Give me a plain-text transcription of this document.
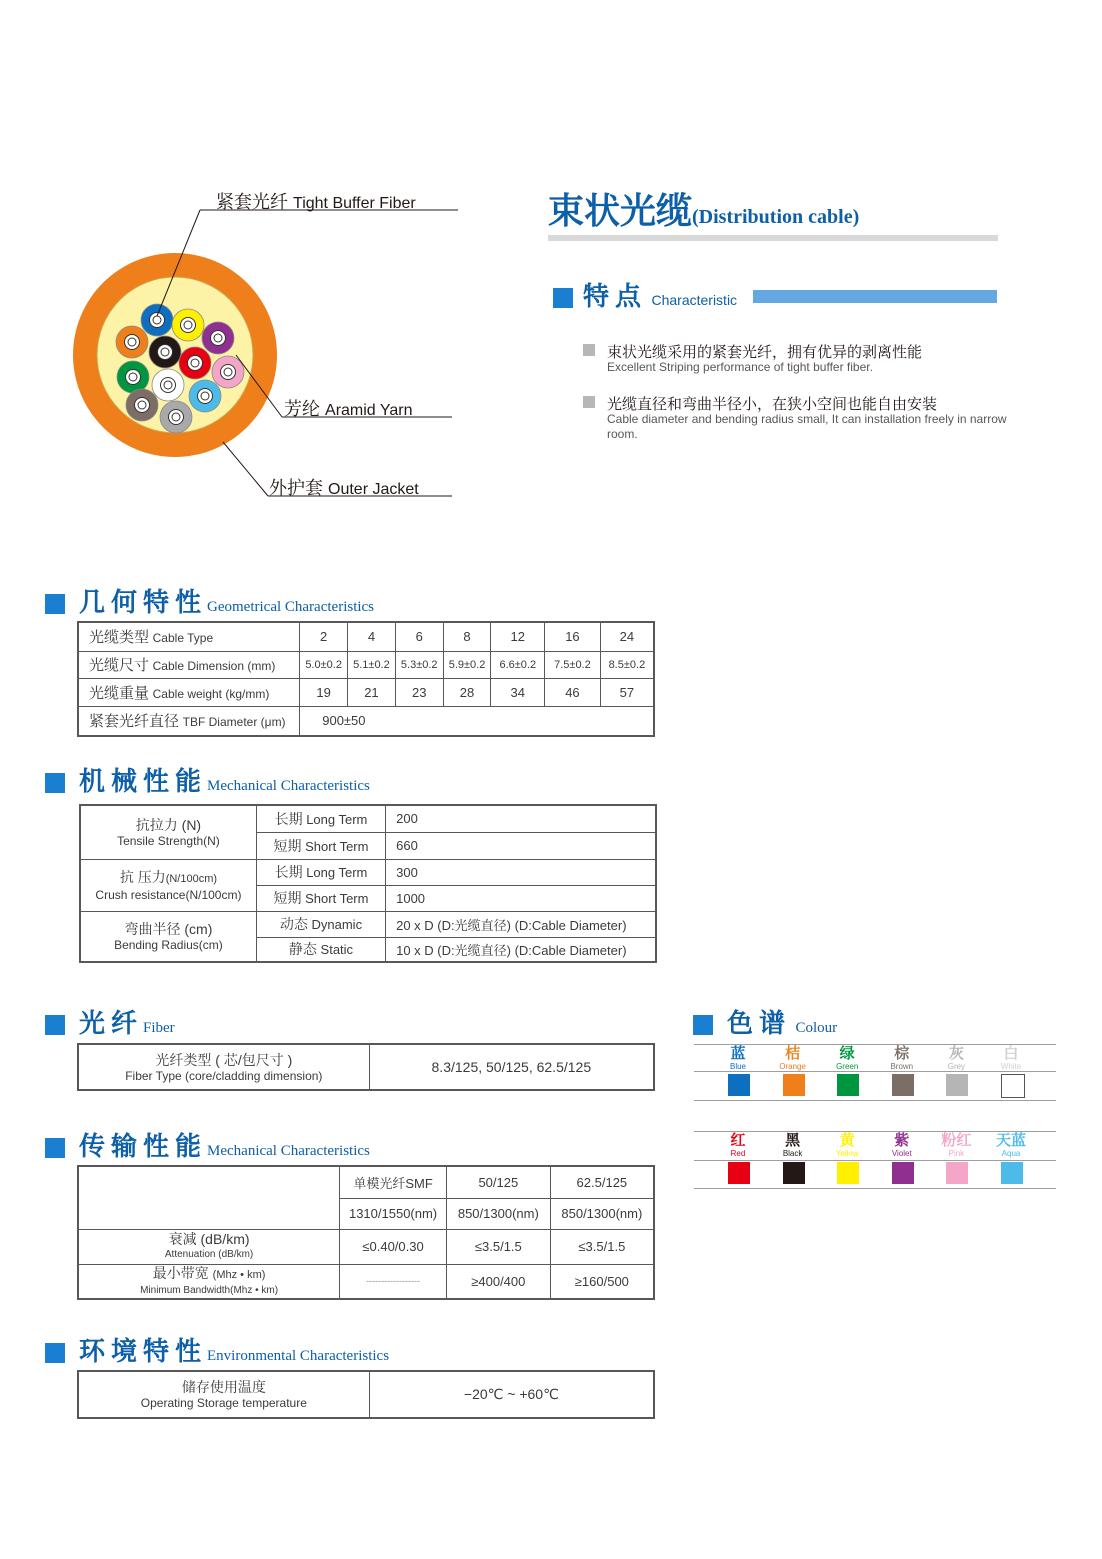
紧套光纤 Tight Buffer Fiber
芳纶 Aramid Yarn
外护套 Outer Jacket
束状光缆(Distribution cable)
特点 Characteristic
束状光缆采用的紧套光纤，拥有优异的剥离性能
Excellent Striping performance of tight buffer fiber.
光缆直径和弯曲半径小，在狭小空间也能自由安装
Cable diameter and bending radius small, It can installation freely in narrow room.
几何特性Geometrical Characteristics
光缆类型 Cable Type	2	4	6	8	12	16	24
光缆尺寸 Cable Dimension (mm)	5.0±0.2	5.1±0.2	5.3±0.2	5.9±0.2	6.6±0.2	7.5±0.2	8.5±0.2
光缆重量 Cable weight (kg/mm)	19	21	23	28	34	46	57
紧套光纤直径 TBF Diameter (μm)	900±50						
机械性能Mechanical Characteristics
抗拉力 (N)
Tensile Strength(N)	长期 Long Term	200
	短期 Short Term	660

抗 压力(N/100cm)
Crush resistance(N/100cm)	长期 Long Term	300
	短期 Short Term	1000

弯曲半径 (cm)
Bending Radius(cm)	动态 Dynamic	20 x D (D:光缆直径) (D:Cable Diameter)
	静态 Static	10 x D (D:光缆直径) (D:Cable Diameter)
光纤Fiber
光纤类型 ( 芯/包尺寸 )
Fiber Type (core/cladding dimension)
	8.3/125, 50/125, 62.5/125
色谱 Colour
蓝
Blue
桔
Orange
绿
Green
棕
Brown
灰
Grey
白
White
红
Red
黑
Black
黄
Yellow
紫
Violet
粉红
Pink
天蓝
Aqua
传输性能Mechanical Characteristics
	单模光纤SMF	50/125	62.5/125
	1310/1550(nm)	850/1300(nm)	850/1300(nm)

衰减 (dB/km)
Attenuation (dB/km)	≤0.40/0.30	≤3.5/1.5	≤3.5/1.5

最小带宽 (Mhz • km)
Minimum Bandwidth(Mhz • km)	------------------	≥400/400	≥160/500
环境特性Environmental Characteristics
储存使用温度
Operating Storage temperature
	−20℃ ~ +60℃
